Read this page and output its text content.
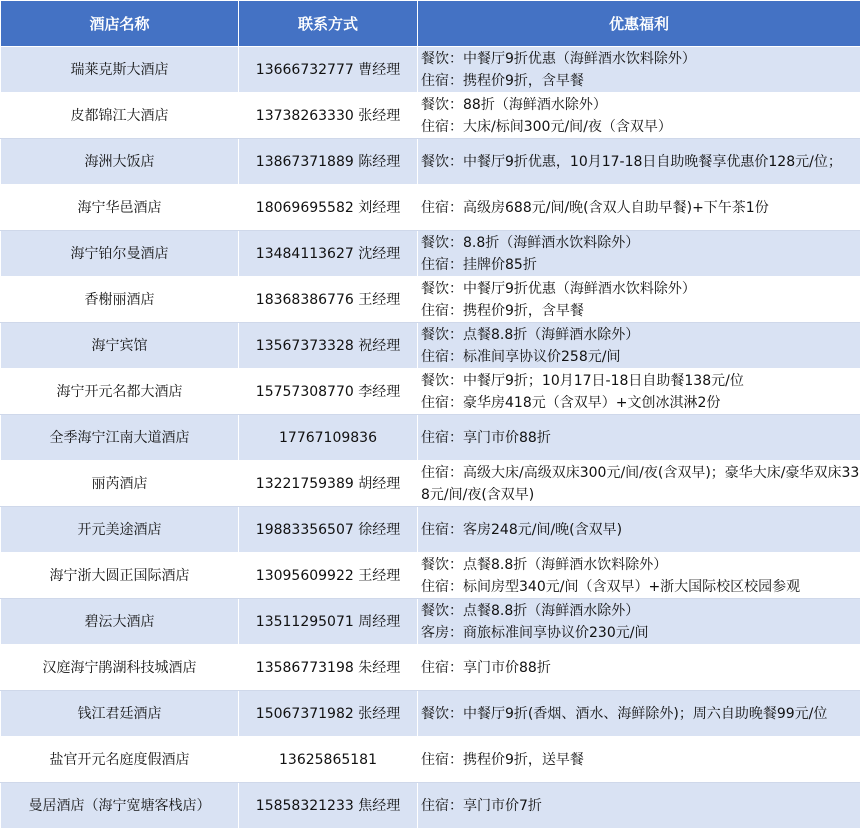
酒店名称	联系方式	优惠福利
瑞莱克斯大酒店	13666732777 曹经理	餐饮：中餐厅9折优惠（海鲜酒水饮料除外）
住宿：携程价9折，含早餐

皮都锦江大酒店	13738263330 张经理	餐饮：88折（海鲜酒水除外）
住宿：大床/标间300元/间/夜（含双早）

海洲大饭店	13867371889 陈经理	餐饮：中餐厅9折优惠，10月17-18日自助晚餐享优惠价128元/位；

海宁华邑酒店	18069695582 刘经理	住宿：高级房688元/间/晚(含双人自助早餐)+下午茶1份

海宁铂尔曼酒店	13484113627 沈经理	餐饮：8.8折（海鲜酒水饮料除外）
住宿：挂牌价85折

香榭丽酒店	18368386776 王经理	餐饮：中餐厅9折优惠（海鲜酒水饮料除外）
住宿：携程价9折，含早餐

海宁宾馆	13567373328 祝经理	餐饮：点餐8.8折（海鲜酒水除外）
住宿：标准间享协议价258元/间

海宁开元名都大酒店	15757308770 李经理	餐饮：中餐厅9折；10月17日-18日自助餐138元/位
住宿：豪华房418元（含双早）+文创冰淇淋2份

全季海宁江南大道酒店	17767109836	住宿：享门市价88折

丽芮酒店	13221759389 胡经理	住宿：高级大床/高级双床300元/间/夜(含双早)；豪华大床/豪华双床338元/间/夜(含双早)

开元美途酒店	19883356507 徐经理	住宿：客房248元/间/晚(含双早)

海宁浙大圆正国际酒店	13095609922 王经理	餐饮：点餐8.8折（海鲜酒水饮料除外）
住宿：标间房型340元/间（含双早）+浙大国际校区校园参观

碧沄大酒店	13511295071 周经理	餐饮：点餐8.8折（海鲜酒水除外）
客房：商旅标准间享协议价230元/间

汉庭海宁鹃湖科技城酒店	13586773198 朱经理	住宿：享门市价88折

钱江君廷酒店	15067371982 张经理	餐饮：中餐厅9折(香烟、酒水、海鲜除外)；周六自助晚餐99元/位

盐官开元名庭度假酒店	13625865181	住宿：携程价9折，送早餐

曼居酒店（海宁宽塘客栈店）	15858321233 焦经理	住宿：享门市价7折
